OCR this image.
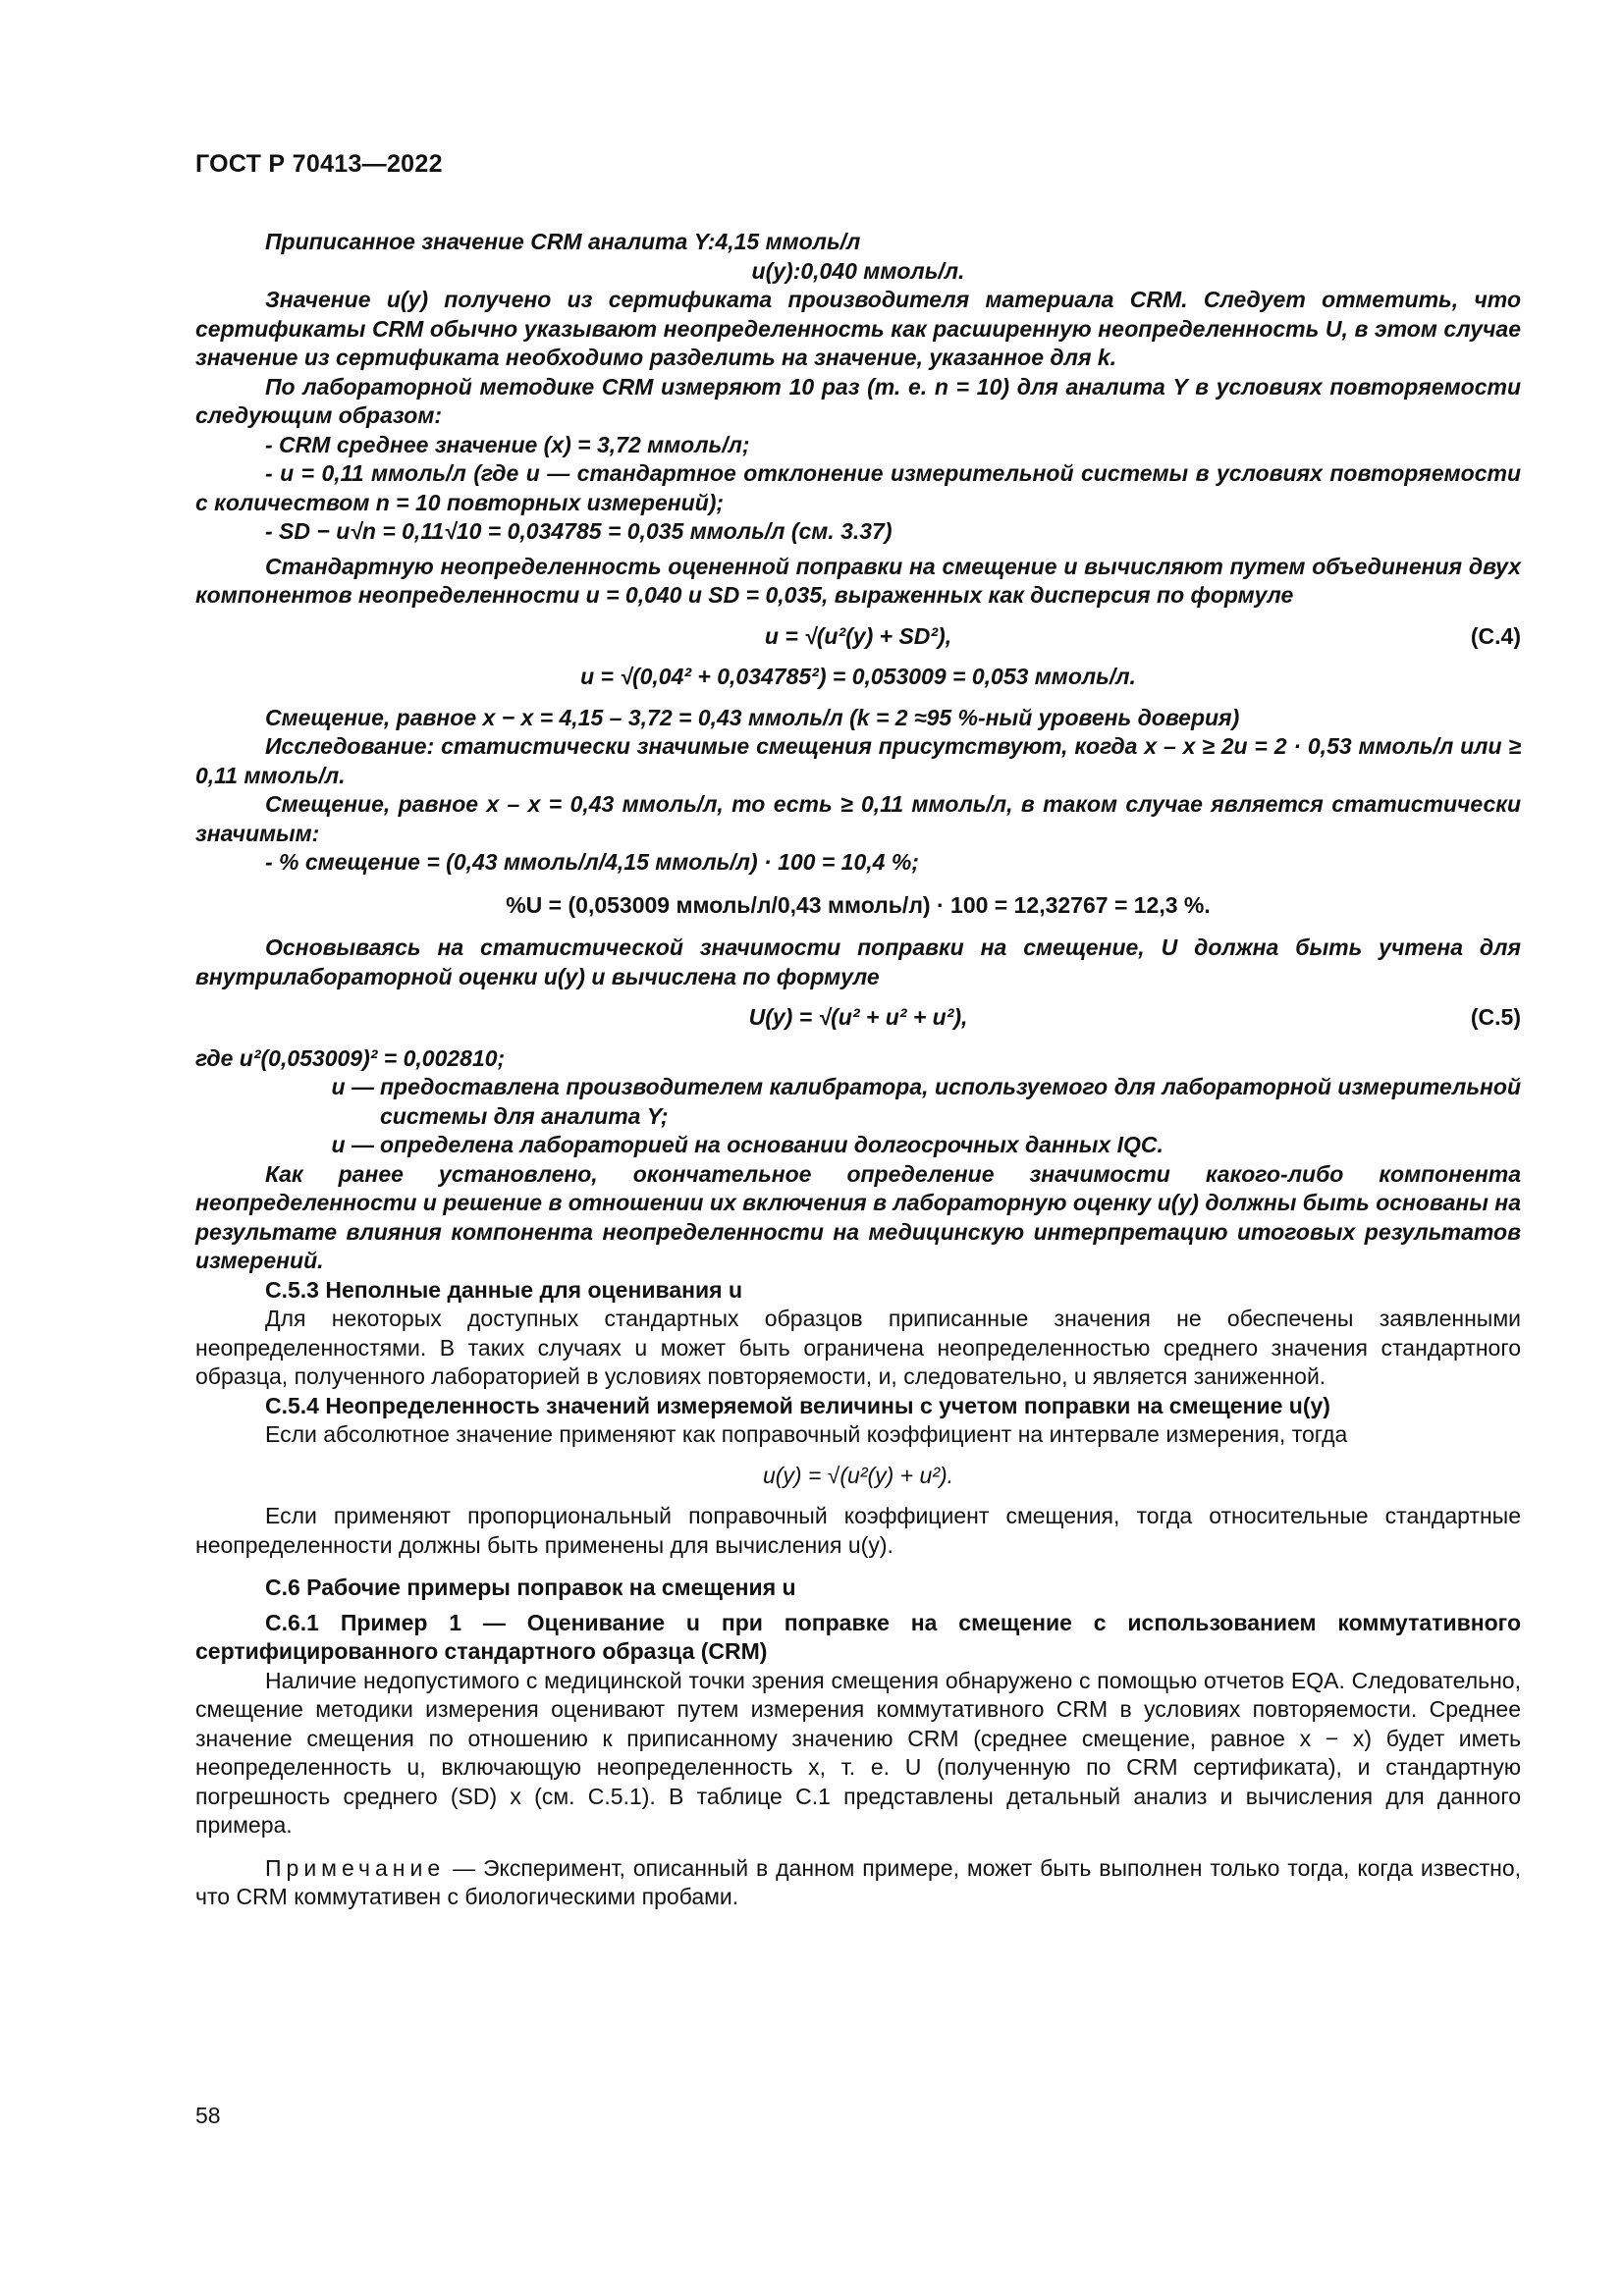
ГОСТ Р 70413—2022

Приписанное значение CRM аналита Y:4,15 ммоль/л

u(y):0,040 ммоль/л.

Значение u(y) получено из сертификата производителя материала CRM. Следует отметить, что сертификаты CRM обычно указывают неопределенность как расширенную неопределенность U, в этом случае значение из сертификата необходимо разделить на значение, указанное для k.

По лабораторной методике CRM измеряют 10 раз (т. е. n = 10) для аналита Y в условиях повторяемости следующим образом:

- CRM среднее значение (x) = 3,72 ммоль/л;

- u = 0,11 ммоль/л (где u — стандартное отклонение измерительной системы в условиях повторяемости с количеством n = 10 повторных измерений);

- SD − u√n = 0,11√10 = 0,034785 = 0,035 ммоль/л (см. 3.37)

Стандартную неопределенность оцененной поправки на смещение u вычисляют путем объединения двух компонентов неопределенности u = 0,040 и SD = 0,035, выраженных как дисперсия по формуле

u = √(u²(y) + SD²),	(C.4)
u = √(0,04² + 0,034785²) = 0,053009 = 0,053 ммоль/л.

Смещение, равное x − x = 4,15 – 3,72 = 0,43 ммоль/л (k = 2 ≈95 %-ный уровень доверия)

Исследование: статистически значимые смещения присутствуют, когда x – x ≥ 2u = 2 · 0,53 ммоль/л или ≥ 0,11 ммоль/л.

Смещение, равное x – x = 0,43 ммоль/л, то есть ≥ 0,11 ммоль/л, в таком случае является статистически значимым:

- % смещение = (0,43 ммоль/л/4,15 ммоль/л) · 100 = 10,4 %;

%U = (0,053009 ммоль/л/0,43 ммоль/л) · 100 = 12,32767 = 12,3 %.

Основываясь на статистической значимости поправки на смещение, U должна быть учтена для внутрилабораторной оценки u(y) и вычислена по формуле

U(y) = √(u² + u² + u²),	(C.5)

где u²(0,053009)² = 0,002810;

u — предоставлена производителем калибратора, используемого для лабораторной измерительной системы для аналита Y;
u — определена лабораторией на основании долгосрочных данных IQC.

Как ранее установлено, окончательное определение значимости какого-либо компонента неопределенности и решение в отношении их включения в лабораторную оценку u(y) должны быть основаны на результате влияния компонента неопределенности на медицинскую интерпретацию итоговых результатов измерений.

С.5.3 Неполные данные для оценивания u

Для некоторых доступных стандартных образцов приписанные значения не обеспечены заявленными неопределенностями. В таких случаях u может быть ограничена неопределенностью среднего значения стандартного образца, полученного лабораторией в условиях повторяемости, и, следовательно, u является заниженной.

С.5.4 Неопределенность значений измеряемой величины с учетом поправки на смещение u(y)

Если абсолютное значение применяют как поправочный коэффициент на интервале измерения, тогда

u(y) = √(u²(y) + u²).

Если применяют пропорциональный поправочный коэффициент смещения, тогда относительные стандартные неопределенности должны быть применены для вычисления u(y).

С.6 Рабочие примеры поправок на смещения u

С.6.1 Пример 1 — Оценивание u при поправке на смещение с использованием коммутативного сертифицированного стандартного образца (CRM)

Наличие недопустимого с медицинской точки зрения смещения обнаружено с помощью отчетов EQA. Следовательно, смещение методики измерения оценивают путем измерения коммутативного CRM в условиях повторяемости. Среднее значение смещения по отношению к приписанному значению CRM (среднее смещение, равное x − x) будет иметь неопределенность u, включающую неопределенность x, т. е. U (полученную по CRM сертификата), и стандартную погрешность среднего (SD) x (см. С.5.1). В таблице С.1 представлены детальный анализ и вычисления для данного примера.

Примечание — Эксперимент, описанный в данном примере, может быть выполнен только тогда, когда известно, что CRM коммутативен с биологическими пробами.

58
